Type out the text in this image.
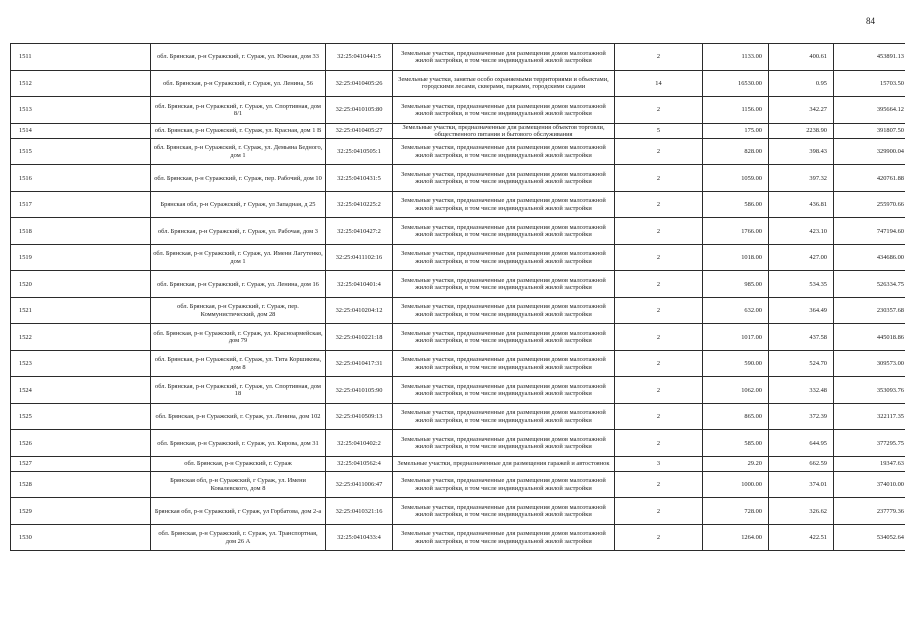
84
1511	обл. Брянская, р-н Суражский, г. Сураж, ул. Южная, дом 33	32:25:0410441:5	Земельные участки, предназначенные для размещения домов малоэтажной жилой застройки, в том числе индивидуальной жилой застройки	2	1133.00	400.61	453891.13
1512	обл. Брянская, р-н Суражский, г. Сураж, ул. Ленина, 56	32:25:0410405:26	Земельные участки, занятые особо охраняемыми территориями и объектами, городскими лесами, скверами, парками, городскими садами	14	16530.00	0.95	15703.50
1513	обл. Брянская, р-н Суражский, г. Сураж, ул. Спортивная, дом 8/1	32:25:0410105:80	Земельные участки, предназначенные для размещения домов малоэтажной жилой застройки, в том числе индивидуальной жилой застройки	2	1156.00	342.27	395664.12
1514	обл. Брянская, р-н Суражский, г. Сураж, ул. Красная, дом 1 В	32:25:0410405:27	Земельные участки, предназначенные для размещения объектов торговли, общественного питания и бытового обслуживания	5	175.00	2238.90	391807.50
1515	обл. Брянская, р-н Суражский, г. Сураж, ул. Демьяна Бедного, дом 1	32:25:0410505:1	Земельные участки, предназначенные для размещения домов малоэтажной жилой застройки, в том числе индивидуальной жилой застройки	2	828.00	398.43	329900.04
1516	обл. Брянская, р-н Суражский, г. Сураж, пер. Рабочий, дом 10	32:25:0410431:5	Земельные участки, предназначенные для размещения домов малоэтажной жилой застройки, в том числе индивидуальной жилой застройки	2	1059.00	397.32	420761.88
1517	Брянская обл, р-н Суражский, г Сураж, ул Западная, д 25	32:25:0410225:2	Земельные участки, предназначенные для размещения домов малоэтажной жилой застройки, в том числе индивидуальной жилой застройки	2	586.00	436.81	255970.66
1518	обл. Брянская, р-н Суражский, г. Сураж, ул. Рабочая, дом 3	32:25:0410427:2	Земельные участки, предназначенные для размещения домов малоэтажной жилой застройки, в том числе индивидуальной жилой застройки	2	1766.00	423.10	747194.60
1519	обл. Брянская, р-н Суражский, г. Сураж, ул. Имени Лагутенко, дом 1	32:25:0411102:16	Земельные участки, предназначенные для размещения домов малоэтажной жилой застройки, в том числе индивидуальной жилой застройки	2	1018.00	427.00	434686.00
1520	обл. Брянская, р-н Суражский, г. Сураж, ул. Ленина, дом 16	32:25:0410401:4	Земельные участки, предназначенные для размещения домов малоэтажной жилой застройки, в том числе индивидуальной жилой застройки	2	985.00	534.35	526334.75
1521	обл. Брянская, р-н Суражский, г. Сураж, пер. Коммунистический, дом 28	32:25:0410204:12	Земельные участки, предназначенные для размещения домов малоэтажной жилой застройки, в том числе индивидуальной жилой застройки	2	632.00	364.49	230357.68
1522	обл. Брянская, р-н Суражский, г. Сураж, ул. Красноармейская, дом 79	32:25:0410221:18	Земельные участки, предназначенные для размещения домов малоэтажной жилой застройки, в том числе индивидуальной жилой застройки	2	1017.00	437.58	445018.86
1523	обл. Брянская, р-н Суражский, г. Сураж, ул. Тита Коршикова, дом 8	32:25:0410417:31	Земельные участки, предназначенные для размещения домов малоэтажной жилой застройки, в том числе индивидуальной жилой застройки	2	590.00	524.70	309573.00
1524	обл. Брянская, р-н Суражский, г. Сураж, ул. Спортивная, дом 18	32:25:0410105:90	Земельные участки, предназначенные для размещения домов малоэтажной жилой застройки, в том числе индивидуальной жилой застройки	2	1062.00	332.48	353093.76
1525	обл. Брянская, р-н Суражский, г. Сураж, ул. Ленина, дом 102	32:25:0410509:13	Земельные участки, предназначенные для размещения домов малоэтажной жилой застройки, в том числе индивидуальной жилой застройки	2	865.00	372.39	322117.35
1526	обл. Брянская, р-н Суражский, г. Сураж, ул. Кирова, дом 31	32:25:0410402:2	Земельные участки, предназначенные для размещения домов малоэтажной жилой застройки, в том числе индивидуальной жилой застройки	2	585.00	644.95	377295.75
1527	обл. Брянская, р-н Суражский, г. Сураж	32:25:0410562:4	Земельные участки, предназначенные для размещения гаражей и автостоянок	3	29.20	662.59	19347.63
1528	Брянская обл, р-н Суражский, г Сураж, ул. Имени Ковалевского, дом 8	32:25:0411006:47	Земельные участки, предназначенные для размещения домов малоэтажной жилой застройки, в том числе индивидуальной жилой застройки	2	1000.00	374.01	374010.00
1529	Брянская обл, р-н Суражский, г Сураж, ул Горбатова, дом 2-а	32:25:0410321:16	Земельные участки, предназначенные для размещения домов малоэтажной жилой застройки, в том числе индивидуальной жилой застройки	2	728.00	326.62	237779.36
1530	обл. Брянская, р-н Суражский, г. Сураж, ул. Транспортная, дом 26 А	32:25:0410433:4	Земельные участки, предназначенные для размещения домов малоэтажной жилой застройки, в том числе индивидуальной жилой застройки	2	1264.00	422.51	534052.64
